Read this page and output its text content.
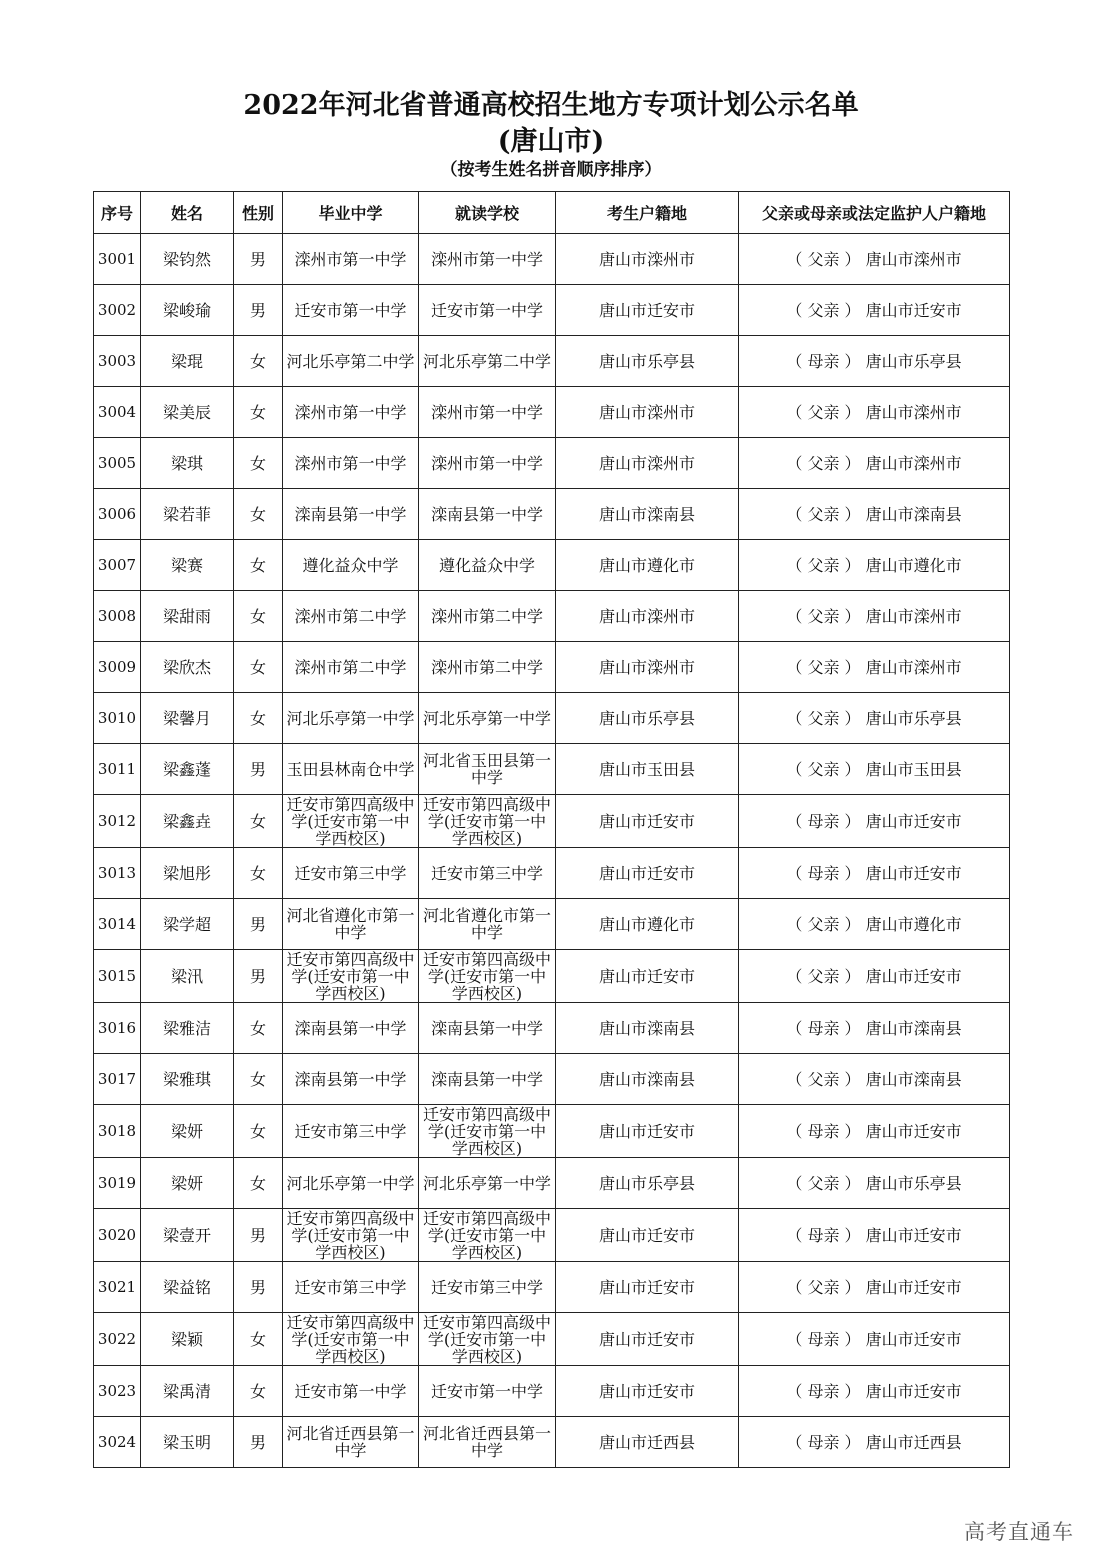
2022年河北省普通高校招生地方专项计划公示名单
(唐山市)
（按考生姓名拼音顺序排序）
序号	姓名	性别	毕业中学	就读学校	考生户籍地	父亲或母亲或法定监护人户籍地
3001	梁钧然	男	滦州市第一中学	滦州市第一中学	唐山市滦州市	（ 父亲 ） 唐山市滦州市
3002	梁峻瑜	男	迁安市第一中学	迁安市第一中学	唐山市迁安市	（ 父亲 ） 唐山市迁安市
3003	梁琨	女	河北乐亭第二中学	河北乐亭第二中学	唐山市乐亭县	（ 母亲 ） 唐山市乐亭县
3004	梁美辰	女	滦州市第一中学	滦州市第一中学	唐山市滦州市	（ 父亲 ） 唐山市滦州市
3005	梁琪	女	滦州市第一中学	滦州市第一中学	唐山市滦州市	（ 父亲 ） 唐山市滦州市
3006	梁若菲	女	滦南县第一中学	滦南县第一中学	唐山市滦南县	（ 父亲 ） 唐山市滦南县
3007	梁赛	女	遵化益众中学	遵化益众中学	唐山市遵化市	（ 父亲 ） 唐山市遵化市
3008	梁甜雨	女	滦州市第二中学	滦州市第二中学	唐山市滦州市	（ 父亲 ） 唐山市滦州市
3009	梁欣杰	女	滦州市第二中学	滦州市第二中学	唐山市滦州市	（ 父亲 ） 唐山市滦州市
3010	梁馨月	女	河北乐亭第一中学	河北乐亭第一中学	唐山市乐亭县	（ 父亲 ） 唐山市乐亭县
3011	梁鑫蓬	男	玉田县林南仓中学	河北省玉田县第一中学	唐山市玉田县	（ 父亲 ） 唐山市玉田县
3012	梁鑫垚	女	迁安市第四高级中学(迁安市第一中学西校区)	迁安市第四高级中学(迁安市第一中学西校区)	唐山市迁安市	（ 母亲 ） 唐山市迁安市
3013	梁旭彤	女	迁安市第三中学	迁安市第三中学	唐山市迁安市	（ 母亲 ） 唐山市迁安市
3014	梁学超	男	河北省遵化市第一中学	河北省遵化市第一中学	唐山市遵化市	（ 父亲 ） 唐山市遵化市
3015	梁汛	男	迁安市第四高级中学(迁安市第一中学西校区)	迁安市第四高级中学(迁安市第一中学西校区)	唐山市迁安市	（ 父亲 ） 唐山市迁安市
3016	梁雅洁	女	滦南县第一中学	滦南县第一中学	唐山市滦南县	（ 母亲 ） 唐山市滦南县
3017	梁雅琪	女	滦南县第一中学	滦南县第一中学	唐山市滦南县	（ 父亲 ） 唐山市滦南县
3018	梁妍	女	迁安市第三中学	迁安市第四高级中学(迁安市第一中学西校区)	唐山市迁安市	（ 母亲 ） 唐山市迁安市
3019	梁妍	女	河北乐亭第一中学	河北乐亭第一中学	唐山市乐亭县	（ 父亲 ） 唐山市乐亭县
3020	梁壹开	男	迁安市第四高级中学(迁安市第一中学西校区)	迁安市第四高级中学(迁安市第一中学西校区)	唐山市迁安市	（ 母亲 ） 唐山市迁安市
3021	梁益铭	男	迁安市第三中学	迁安市第三中学	唐山市迁安市	（ 父亲 ） 唐山市迁安市
3022	梁颖	女	迁安市第四高级中学(迁安市第一中学西校区)	迁安市第四高级中学(迁安市第一中学西校区)	唐山市迁安市	（ 母亲 ） 唐山市迁安市
3023	梁禹清	女	迁安市第一中学	迁安市第一中学	唐山市迁安市	（ 母亲 ） 唐山市迁安市
3024	梁玉明	男	河北省迁西县第一中学	河北省迁西县第一中学	唐山市迁西县	（ 母亲 ） 唐山市迁西县
高考直通车
